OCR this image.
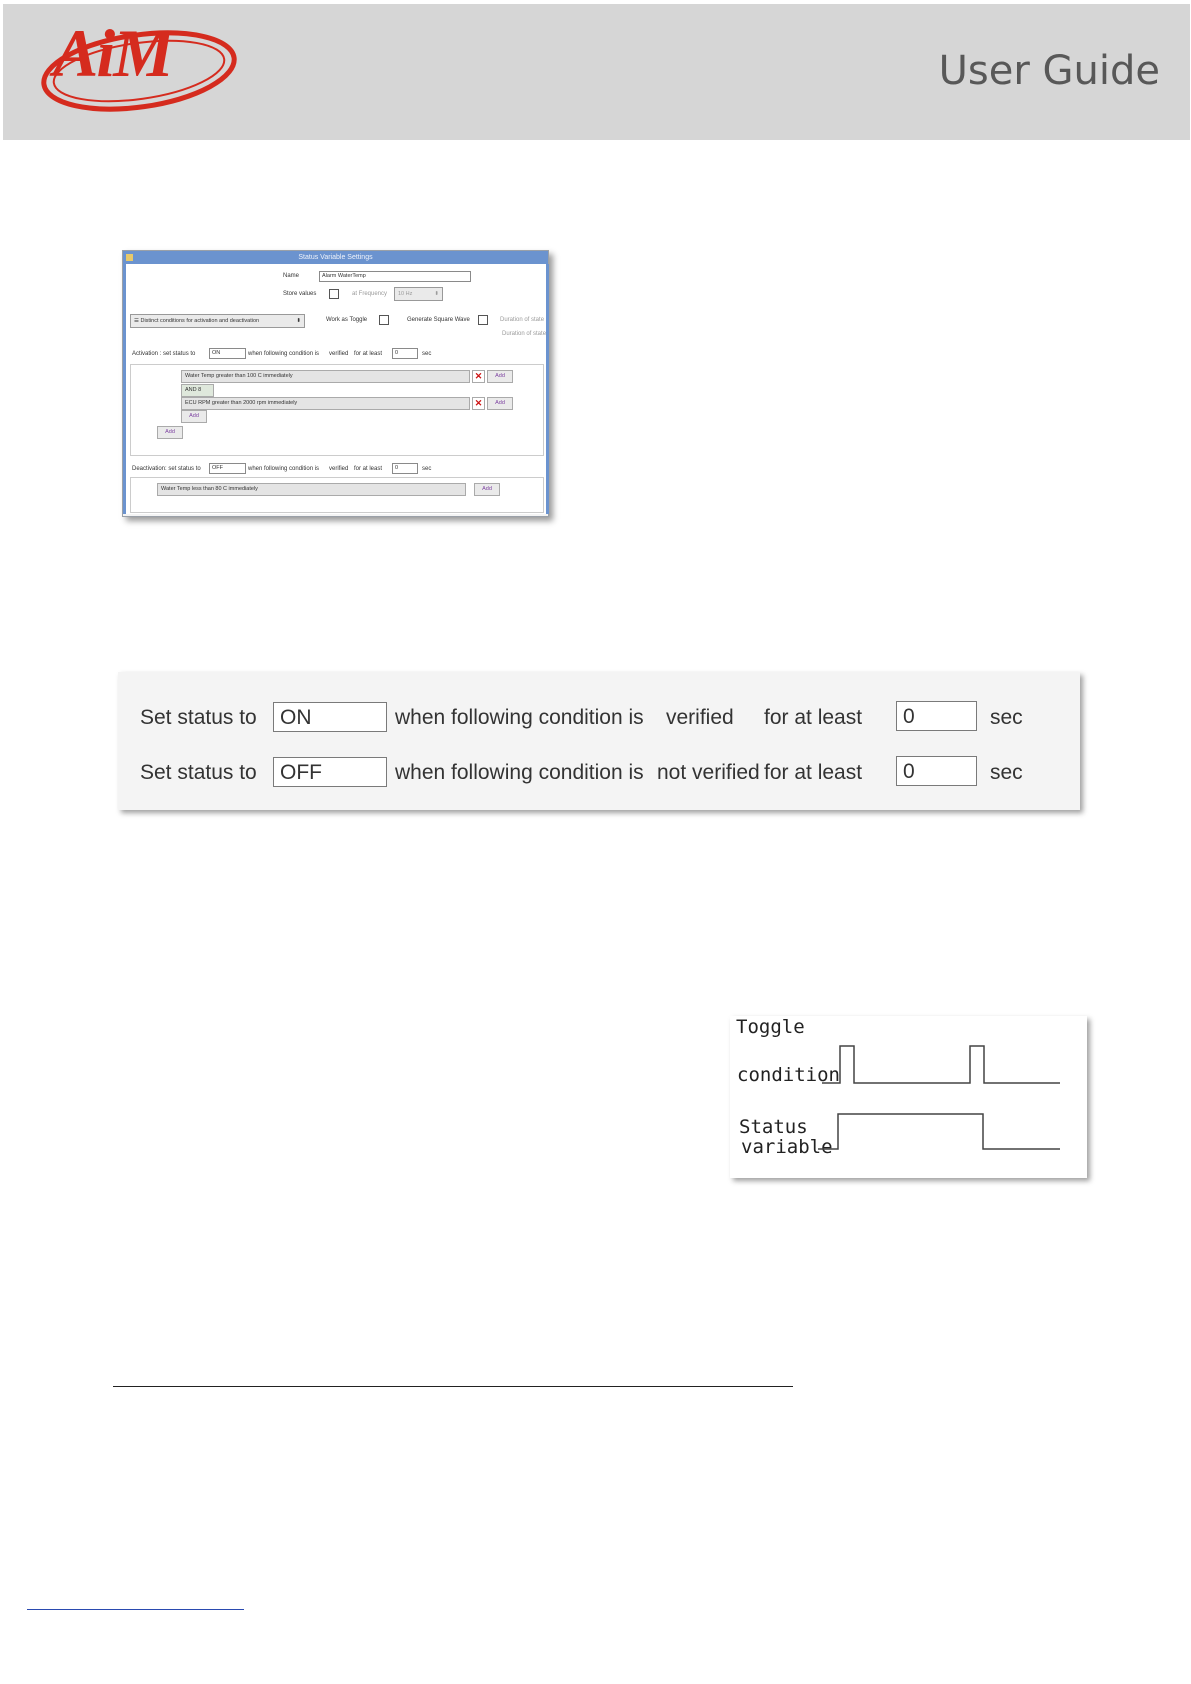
AiM	User Guide
Status Variable Settings
Name	Alarm WaterTemp
Store values	at Frequency	10 Hz	⬍
☰ Distinct conditions for activation and deactivation	⬍	Work as Toggle	Generate Square Wave	Duration of state
Duration of state
Activation : set status to	ON	when following condition is verified for at least	0	sec
Water Temp greater than 100 C immediately	✕	Add
AND 8
ECU RPM greater than 2000 rpm immediately	✕	Add
Add
Add
Deactivation: set status to	OFF	when following condition is verified for at least	0	sec
Water Temp less than 80 C immediately	Add
Set status to	ON	when following condition is verified for at least	0	sec
Set status to	OFF	when following condition is not verified for at least	0	sec
Toggle
condition
Status
variable
